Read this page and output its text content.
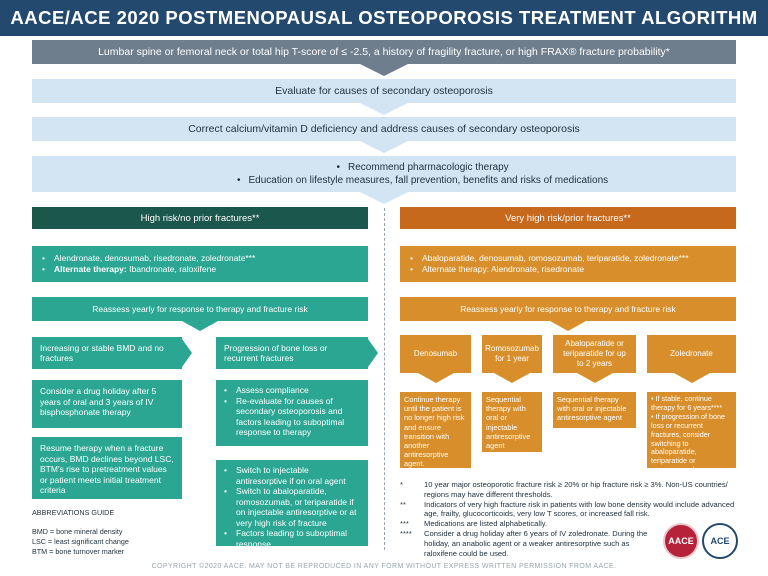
AACE/ACE 2020 POSTMENOPAUSAL OSTEOPOROSIS TREATMENT ALGORITHM
Lumbar spine or femoral neck or total hip T-score of ≤ -2.5, a history of fragility fracture, or high FRAX® fracture probability*
Evaluate for causes of secondary osteoporosis
Correct calcium/vitamin D deficiency and address causes of secondary osteoporosis
• Recommend pharmacologic therapy
• Education on lifestyle measures, fall prevention, benefits and risks of medications
High risk/no prior fractures**
• Alendronate, denosumab, risedronate, zoledronate***
• Alternate therapy: Ibandronate, raloxifene
Reassess yearly for response to therapy and fracture risk
Increasing or stable BMD and no fractures
Consider a drug holiday after 5 years of oral and 3 years of IV bisphosphonate therapy
Resume therapy when a fracture occurs, BMD declines beyond LSC, BTM's rise to pretreatment values or patient meets initial treatment criteria
Progression of bone loss or recurrent fractures
• Assess compliance
• Re-evaluate for causes of secondary osteoporosis and factors leading to suboptimal response to therapy
• Switch to injectable antiresorptive if on oral agent
• Switch to abaloparatide, romosozumab, or teriparatide if on injectable antiresorptive or at very high risk of fracture
• Factors leading to suboptimal response
ABBREVIATIONS GUIDE
BMD = bone mineral density
LSC = least significant change
BTM = bone turnover marker
Very high risk/prior fractures**
• Abaloparatide, denosumab, romosozumab, teriparatide, zoledronate***
• Alternate therapy: Alendronate, risedronate
Reassess yearly for response to therapy and fracture risk
Denosumab
Romosozumab for 1 year
Abaloparatide or teriparatide for up to 2 years
Zoledronate
Continue therapy until the patient is no longer high risk and ensure transition with another antiresorptive agent.
Sequential therapy with oral or injectable antiresorptive agent
Sequential therapy with oral or injectable antiresorptive agent
• If stable, continue therapy for 6 years****
• If progression of bone loss or recurrent fractures, consider switching to abaloparatide, teriparatide or romosozumab
*	10 year major osteoporotic fracture risk ≥ 20% or hip fracture risk ≥ 3%. Non-US countries/ regions may have different thresholds.
**	Indicators of very high fracture risk in patients with low bone density would include advanced age, frailty, glucocorticoids, very low T scores, or increased fall risk.
***	Medications are listed alphabetically.
****	Consider a drug holiday after 6 years of IV zoledronate. During the holiday, an anabolic agent or a weaker antiresorptive such as raloxifene could be used.
AACE ACE
COPYRIGHT ©2020 AACE. MAY NOT BE REPRODUCED IN ANY FORM WITHOUT EXPRESS WRITTEN PERMISSION FROM AACE.
